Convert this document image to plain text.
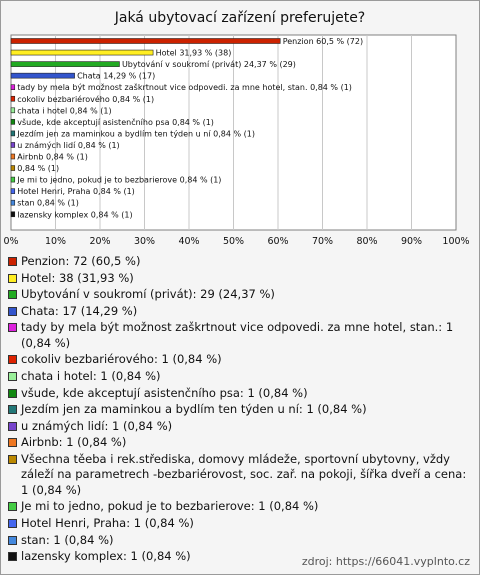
Jaká ubytovací zařízení preferujete?
Penzion 60,5 % (72)
Hotel 31,93 % (38)
Ubytování v soukromí (privát) 24,37 % (29)
Chata 14,29 % (17)
tady by mela být možnost zaškrtnout vice odpovedi. za mne hotel, stan. 0,84 % (1)
cokoliv bezbariérového 0,84 % (1)
chata i hotel 0,84 % (1)
všude, kde akceptují asistenčního psa 0,84 % (1)
Jezdím jen za maminkou a bydlím ten týden u ní 0,84 % (1)
u známých lidí 0,84 % (1)
Airbnb 0,84 % (1)
0,84 % (1)
Je mi to jedno, pokud je to bezbarierove 0,84 % (1)
Hotel Henri, Praha 0,84 % (1)
stan 0,84 % (1)
lazensky komplex 0,84 % (1)
0%	10% 20% 30% 40% 50% 60% 70% 80% 90% 100%
Penzion: 72 (60,5 %)
Hotel: 38 (31,93 %)
Ubytování v soukromí (privát): 29 (24,37 %)
Chata: 17 (14,29 %)
tady by mela být možnost zaškrtnout vice odpovedi. za mne hotel, stan.: 1 (0,84 %)
cokoliv bezbariérového: 1 (0,84 %)
chata i hotel: 1 (0,84 %)
všude, kde akceptují asistenčního psa: 1 (0,84 %)
Jezdím jen za maminkou a bydlím ten týden u ní: 1 (0,84 %)
u známých lidí: 1 (0,84 %)
Airbnb: 1 (0,84 %)
Všechna těeba i rek.střediska, domovy mládeže, sportovní ubytovny, vždy záleží na parametrech -bezbariérovost, soc. zař. na pokoji, šířka dveří a cena: 1 (0,84 %)
Je mi to jedno, pokud je to bezbarierove: 1 (0,84 %)
Hotel Henri, Praha: 1 (0,84 %)
stan: 1 (0,84 %)
lazensky komplex: 1 (0,84 %)	zdroj: https://66041.vyplnto.cz
